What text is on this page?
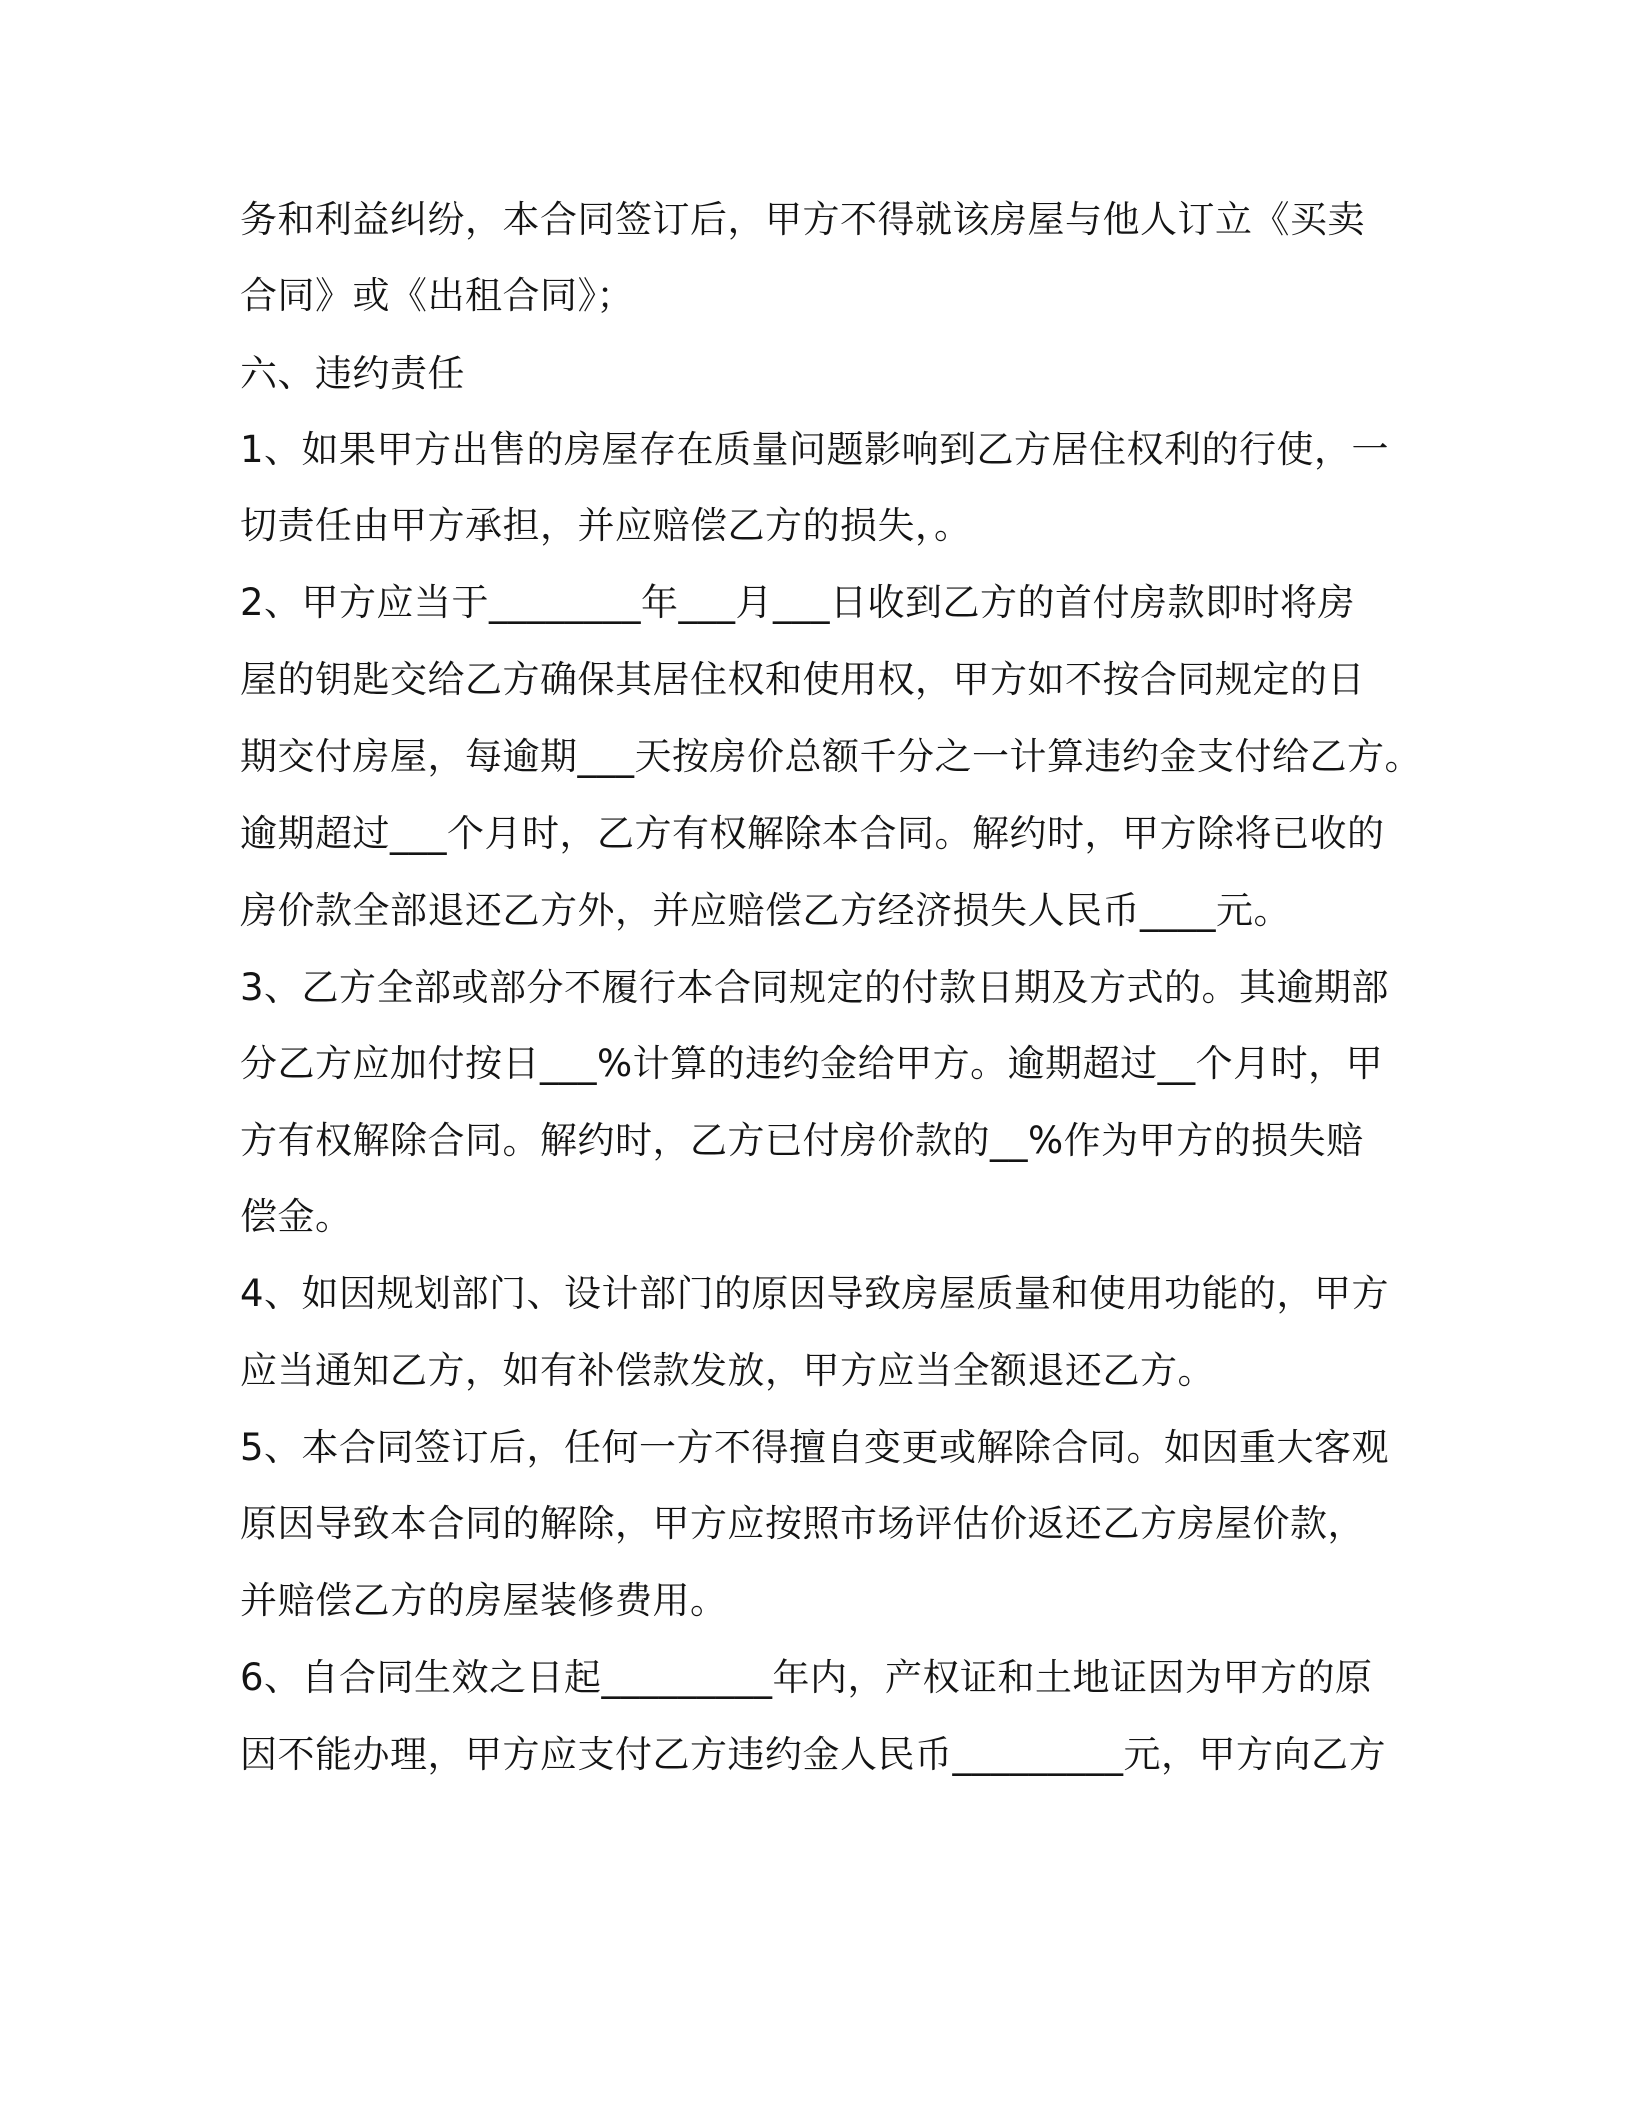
务和利益纠纷，本合同签订后，甲方不得就该房屋与他人订立《买卖
合同》或《出租合同》；
六、违约责任
1、如果甲方出售的房屋存在质量问题影响到乙方居住权利的行使，一
切责任由甲方承担，并应赔偿乙方的损失，。
2、甲方应当于________年___月___日收到乙方的首付房款即时将房
屋的钥匙交给乙方确保其居住权和使用权，甲方如不按合同规定的日
期交付房屋，每逾期___天按房价总额千分之一计算违约金支付给乙方。
逾期超过___个月时，乙方有权解除本合同。解约时，甲方除将已收的
房价款全部退还乙方外，并应赔偿乙方经济损失人民币____元。
3、乙方全部或部分不履行本合同规定的付款日期及方式的。其逾期部
分乙方应加付按日___%计算的违约金给甲方。逾期超过__个月时，甲
方有权解除合同。解约时，乙方已付房价款的__%作为甲方的损失赔
偿金。
4、如因规划部门、设计部门的原因导致房屋质量和使用功能的，甲方
应当通知乙方，如有补偿款发放，甲方应当全额退还乙方。
5、本合同签订后，任何一方不得擅自变更或解除合同。如因重大客观
原因导致本合同的解除，甲方应按照市场评估价返还乙方房屋价款，
并赔偿乙方的房屋装修费用。
6、自合同生效之日起_________年内，产权证和土地证因为甲方的原
因不能办理，甲方应支付乙方违约金人民币_________元，甲方向乙方
